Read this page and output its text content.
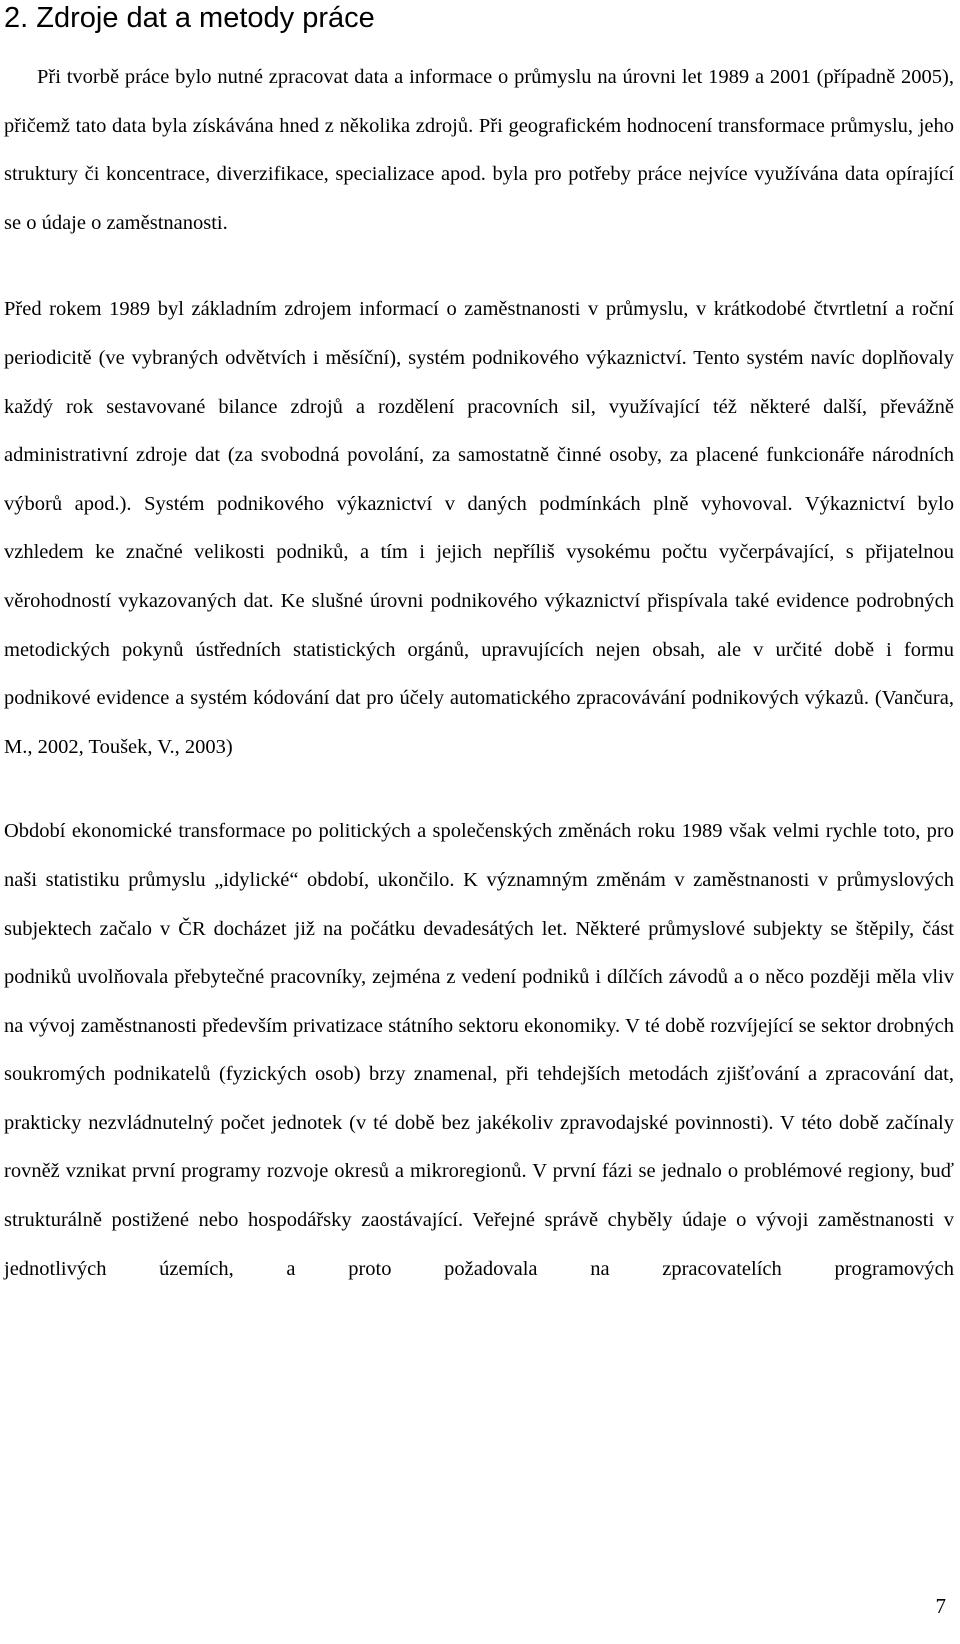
2. Zdroje dat a metody práce

Při tvorbě práce bylo nutné zpracovat data a informace o průmyslu na úrovni let 1989 a 2001 (případně 2005), přičemž tato data byla získávána hned z několika zdrojů. Při geografickém hodnocení transformace průmyslu, jeho struktury či koncentrace, diverzifikace, specializace apod. byla pro potřeby práce nejvíce využívána data opírající se o údaje o zaměstnanosti.

Před rokem 1989 byl základním zdrojem informací o zaměstnanosti v průmyslu, v krátkodobé čtvrtletní a roční periodicitě (ve vybraných odvětvích i měsíční), systém podnikového výkaznictví. Tento systém navíc doplňovaly každý rok sestavované bilance zdrojů a rozdělení pracovních sil, využívající též některé další, převážně administrativní zdroje dat (za svobodná povolání, za samostatně činné osoby, za placené funkcionáře národních výborů apod.). Systém podnikového výkaznictví v daných podmínkách plně vyhovoval. Výkaznictví bylo vzhledem ke značné velikosti podniků, a tím i jejich nepříliš vysokému počtu vyčerpávající, s přijatelnou věrohodností vykazovaných dat. Ke slušné úrovni podnikového výkaznictví přispívala také evidence podrobných metodických pokynů ústředních statistických orgánů, upravujících nejen obsah, ale v určité době i formu podnikové evidence a systém kódování dat pro účely automatického zpracovávání podnikových výkazů. (Vančura, M., 2002, Toušek, V., 2003)

Období ekonomické transformace po politických a společenských změnách roku 1989 však velmi rychle toto, pro naši statistiku průmyslu „idylické“ období, ukončilo. K významným změnám v zaměstnanosti v průmyslových subjektech začalo v ČR docházet již na počátku devadesátých let. Některé průmyslové subjekty se štěpily, část podniků uvolňovala přebytečné pracovníky, zejména z vedení podniků i dílčích závodů a o něco později měla vliv na vývoj zaměstnanosti především privatizace státního sektoru ekonomiky. V té době rozvíjející se sektor drobných soukromých podnikatelů (fyzických osob) brzy znamenal, při tehdejších metodách zjišťování a zpracování dat, prakticky nezvládnutelný počet jednotek (v té době bez jakékoliv zpravodajské povinnosti). V této době začínaly rovněž vznikat první programy rozvoje okresů a mikroregionů. V první fázi se jednalo o problémové regiony, buď strukturálně postižené nebo hospodářsky zaostávající. Veřejné správě chyběly údaje o vývoji zaměstnanosti v jednotlivých územích, a proto požadovala na zpracovatelích programových

7
